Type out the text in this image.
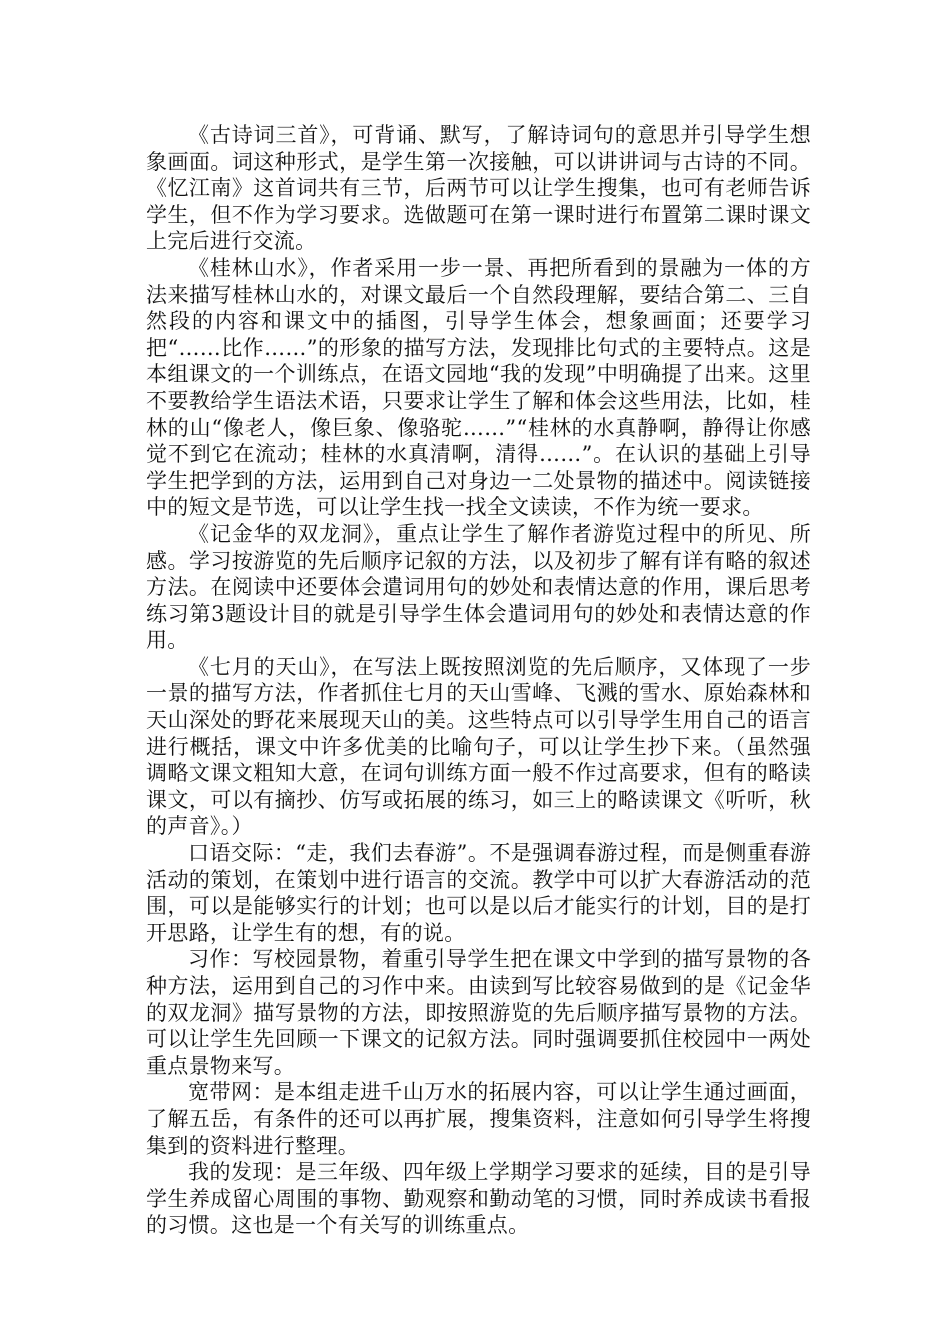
《古诗词三首》，可背诵、默写，了解诗词句的意思并引导学生想象画面。词这种形式，是学生第一次接触，可以讲讲词与古诗的不同。《忆江南》这首词共有三节，后两节可以让学生搜集，也可有老师告诉学生，但不作为学习要求。选做题可在第一课时进行布置第二课时课文上完后进行交流。

《桂林山水》，作者采用一步一景、再把所看到的景融为一体的方法来描写桂林山水的，对课文最后一个自然段理解，要结合第二、三自然段的内容和课文中的插图，引导学生体会，想象画面；还要学习把“……比作……”的形象的描写方法，发现排比句式的主要特点。这是本组课文的一个训练点，在语文园地“我的发现”中明确提了出来。这里不要教给学生语法术语，只要求让学生了解和体会这些用法，比如，桂林的山“像老人，像巨象、像骆驼……”“桂林的水真静啊，静得让你感觉不到它在流动；桂林的水真清啊，清得……”。在认识的基础上引导学生把学到的方法，运用到自己对身边一二处景物的描述中。阅读链接中的短文是节选，可以让学生找一找全文读读，不作为统一要求。

《记金华的双龙洞》，重点让学生了解作者游览过程中的所见、所感。学习按游览的先后顺序记叙的方法，以及初步了解有详有略的叙述方法。在阅读中还要体会遣词用句的妙处和表情达意的作用，课后思考练习第3题设计目的就是引导学生体会遣词用句的妙处和表情达意的作用。

《七月的天山》，在写法上既按照浏览的先后顺序，又体现了一步一景的描写方法，作者抓住七月的天山雪峰、飞溅的雪水、原始森林和天山深处的野花来展现天山的美。这些特点可以引导学生用自己的语言进行概括，课文中许多优美的比喻句子，可以让学生抄下来。（虽然强调略文课文粗知大意，在词句训练方面一般不作过高要求，但有的略读课文，可以有摘抄、仿写或拓展的练习，如三上的略读课文《听听，秋的声音》。）

口语交际：“走，我们去春游”。不是强调春游过程，而是侧重春游活动的策划，在策划中进行语言的交流。教学中可以扩大春游活动的范围，可以是能够实行的计划；也可以是以后才能实行的计划，目的是打开思路，让学生有的想，有的说。

习作：写校园景物，着重引导学生把在课文中学到的描写景物的各种方法，运用到自己的习作中来。由读到写比较容易做到的是《记金华的双龙洞》描写景物的方法，即按照游览的先后顺序描写景物的方法。可以让学生先回顾一下课文的记叙方法。同时强调要抓住校园中一两处重点景物来写。

宽带网：是本组走进千山万水的拓展内容，可以让学生通过画面，了解五岳，有条件的还可以再扩展，搜集资料，注意如何引导学生将搜集到的资料进行整理。

我的发现：是三年级、四年级上学期学习要求的延续，目的是引导学生养成留心周围的事物、勤观察和勤动笔的习惯，同时养成读书看报的习惯。这也是一个有关写的训练重点。
